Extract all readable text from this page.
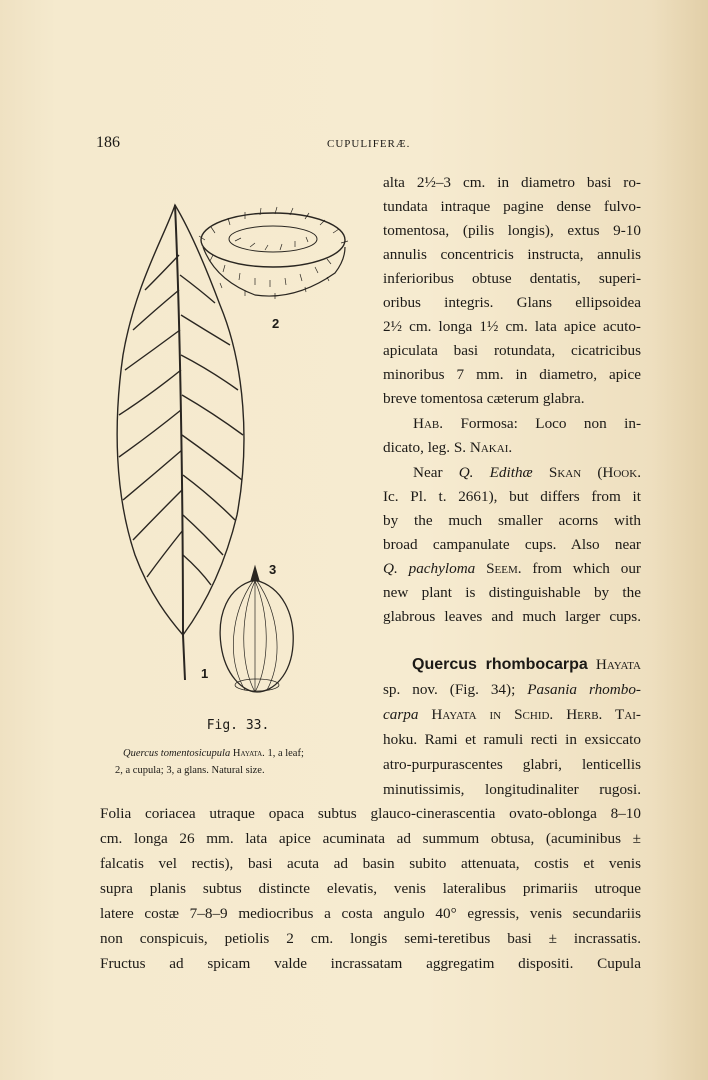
186	CUPULIFERÆ.
2
3
1
Fig. 33.
Quercus tomentosicupula Hayata. 1, a leaf;
2, a cupula; 3, a glans. Natural size.
alta 2½–3 cm. in diametro basi ro-
tundata intraque pagine dense fulvo-
tomentosa, (pilis longis), extus 9-10
annulis concentricis instructa, annulis
inferioribus obtuse dentatis, superi-
oribus integris. Glans ellipsoidea
2½ cm. longa 1½ cm. lata apice acuto-
apiculata basi rotundata, cicatricibus
minoribus 7 mm. in diametro, apice
breve tomentosa cæterum glabra.
Hab. Formosa: Loco non in-
dicato, leg. S. Nakai.
Near Q. Edithæ Skan (Hook.
Ic. Pl. t. 2661), but differs from it
by the much smaller acorns with
broad campanulate cups. Also near
Q. pachyloma Seem. from which our
new plant is distinguishable by the
glabrous leaves and much larger cups.
Quercus rhombocarpa Hayata
sp. nov. (Fig. 34); Pasania rhombo-
carpa Hayata in Schid. Herb. Tai-
hoku. Rami et ramuli recti in exsiccato
atro-purpurascentes glabri, lenticellis
minutissimis, longitudinaliter rugosi.
Folia coriacea utraque opaca subtus glauco-cinerascentia ovato-oblonga 8–10
cm. longa 26 mm. lata apice acuminata ad summum obtusa, (acuminibus ±
falcatis vel rectis), basi acuta ad basin subito attenuata, costis et venis
supra planis subtus distincte elevatis, venis lateralibus primariis utroque
latere costæ 7–8–9 mediocribus a costa angulo 40° egressis, venis secundariis
non conspicuis, petiolis 2 cm. longis semi-teretibus basi ± incrassatis.
Fructus ad spicam valde incrassatam aggregatim dispositi. Cupula
